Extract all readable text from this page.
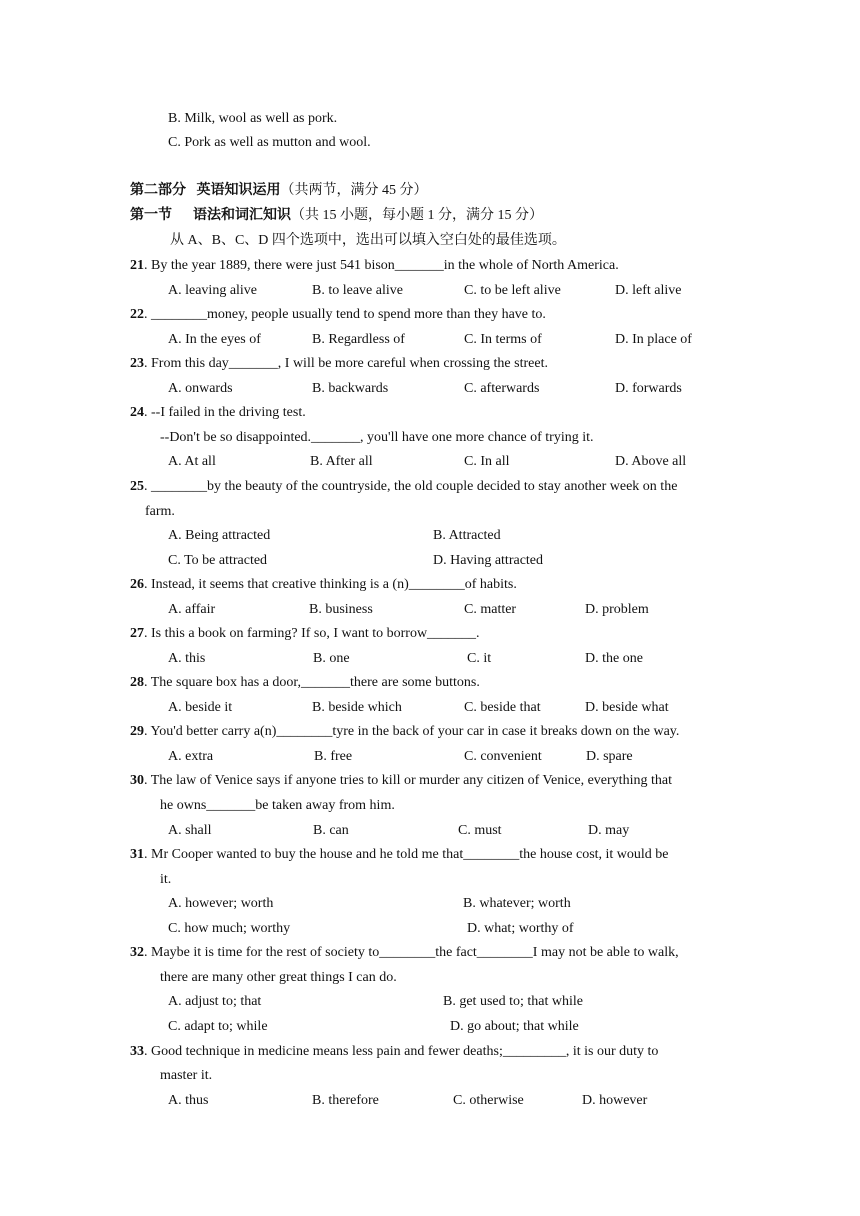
B. Milk, wool as well as pork.
C. Pork as well as mutton and wool.
第二部分 英语知识运用（共两节，满分 45 分）
第一节 语法和词汇知识（共 15 小题，每小题 1 分，满分 15 分）
从 A、B、C、D 四个选项中，选出可以填入空白处的最佳选项。
21. By the year 1889, there were just 541 bison_______in the whole of North America.
A. leaving alive	B. to leave alive	C. to be left alive	D. left alive
22. ________money, people usually tend to spend more than they have to.
A. In the eyes of	B. Regardless of	C. In terms of	D. In place of
23. From this day_______, I will be more careful when crossing the street.
A. onwards	B. backwards	C. afterwards	D. forwards
24. --I failed in the driving test.
--Don't be so disappointed._______, you'll have one more chance of trying it.
A. At all	B. After all	C. In all	D. Above all
25. ________by the beauty of the countryside, the old couple decided to stay another week on the
farm.
A. Being attracted	B. Attracted
C. To be attracted	D. Having attracted
26. Instead, it seems that creative thinking is a (n)________of habits.
A. affair	B. business	C. matter	D. problem
27. Is this a book on farming? If so, I want to borrow_______.
A. this	B. one	C. it	D. the one
28. The square box has a door,_______there are some buttons.
A. beside it	B. beside which	C. beside that	D. beside what
29. You'd better carry a(n)________tyre in the back of your car in case it breaks down on the way.
A. extra	B. free	C. convenient	D. spare
30. The law of Venice says if anyone tries to kill or murder any citizen of Venice, everything that
he owns_______be taken away from him.
A. shall	B. can	C. must	D. may
31. Mr Cooper wanted to buy the house and he told me that________the house cost, it would be
it.
A. however; worth	B. whatever; worth
C. how much; worthy	D. what; worthy of
32. Maybe it is time for the rest of society to________the fact________I may not be able to walk,
there are many other great things I can do.
A. adjust to; that	B. get used to; that while
C. adapt to; while	D. go about; that while
33. Good technique in medicine means less pain and fewer deaths;_________, it is our duty to
master it.
A. thus	B. therefore	C. otherwise	D. however
